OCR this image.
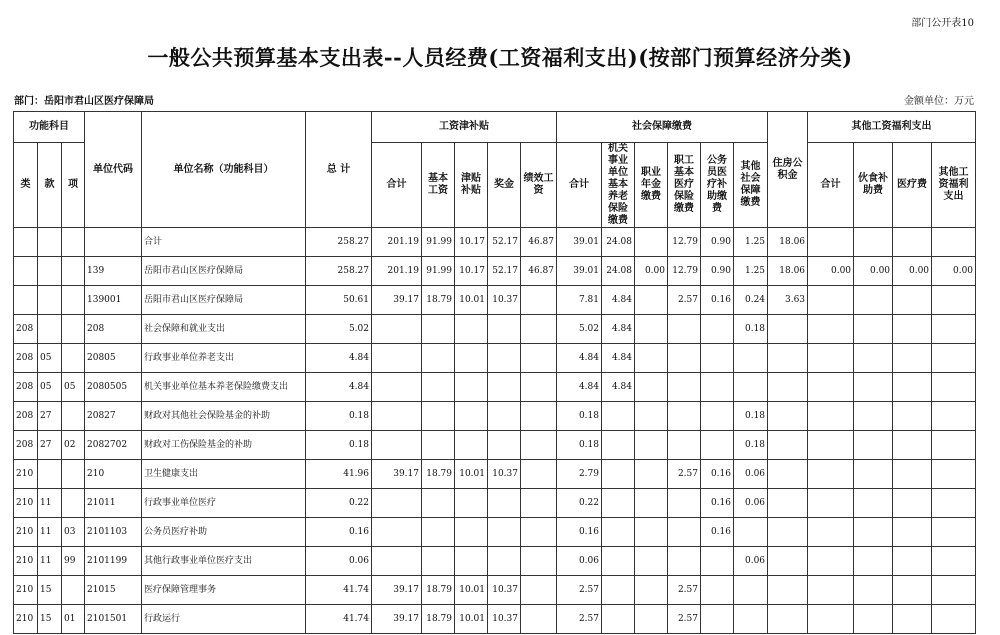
部门公开表10
一般公共预算基本支出表--人员经费(工资福利支出)(按部门预算经济分类)
部门：岳阳市君山区医疗保障局	金额单位：万元
功能科目			单位代码	单位名称（功能科目）	总 计	工资津补贴					社会保障缴费						住房公积金	其他工资福利支出			
类	款	项				合计	基本工资	津贴补贴	奖金	绩效工资	合计	机关事业单位基本养老保险缴费	职业年金缴费	职工基本医疗保险缴费	公务员医疗补助缴费	其他社会保障缴费		合计	伙食补助费	医疗费	其他工资福利支出
				合计	258.27	201.19	91.99	10.17	52.17	46.87	39.01	24.08		12.79	0.90	1.25	18.06				
			139	岳阳市君山区医疗保障局	258.27	201.19	91.99	10.17	52.17	46.87	39.01	24.08	0.00	12.79	0.90	1.25	18.06	0.00	0.00	0.00	0.00
			139001	岳阳市君山区医疗保障局	50.61	39.17	18.79	10.01	10.37		7.81	4.84		2.57	0.16	0.24	3.63				
208			208	社会保障和就业支出	5.02						5.02	4.84				0.18					
208	05		20805	行政事业单位养老支出	4.84						4.84	4.84									
208	05	05	2080505	机关事业单位基本养老保险缴费支出	4.84						4.84	4.84									
208	27		20827	财政对其他社会保险基金的补助	0.18						0.18					0.18					
208	27	02	2082702	财政对工伤保险基金的补助	0.18						0.18					0.18					
210			210	卫生健康支出	41.96	39.17	18.79	10.01	10.37		2.79			2.57	0.16	0.06					
210	11		21011	行政事业单位医疗	0.22						0.22				0.16	0.06					
210	11	03	2101103	公务员医疗补助	0.16						0.16				0.16						
210	11	99	2101199	其他行政事业单位医疗支出	0.06						0.06					0.06					
210	15		21015	医疗保障管理事务	41.74	39.17	18.79	10.01	10.37		2.57			2.57							
210	15	01	2101501	行政运行	41.74	39.17	18.79	10.01	10.37		2.57			2.57							
